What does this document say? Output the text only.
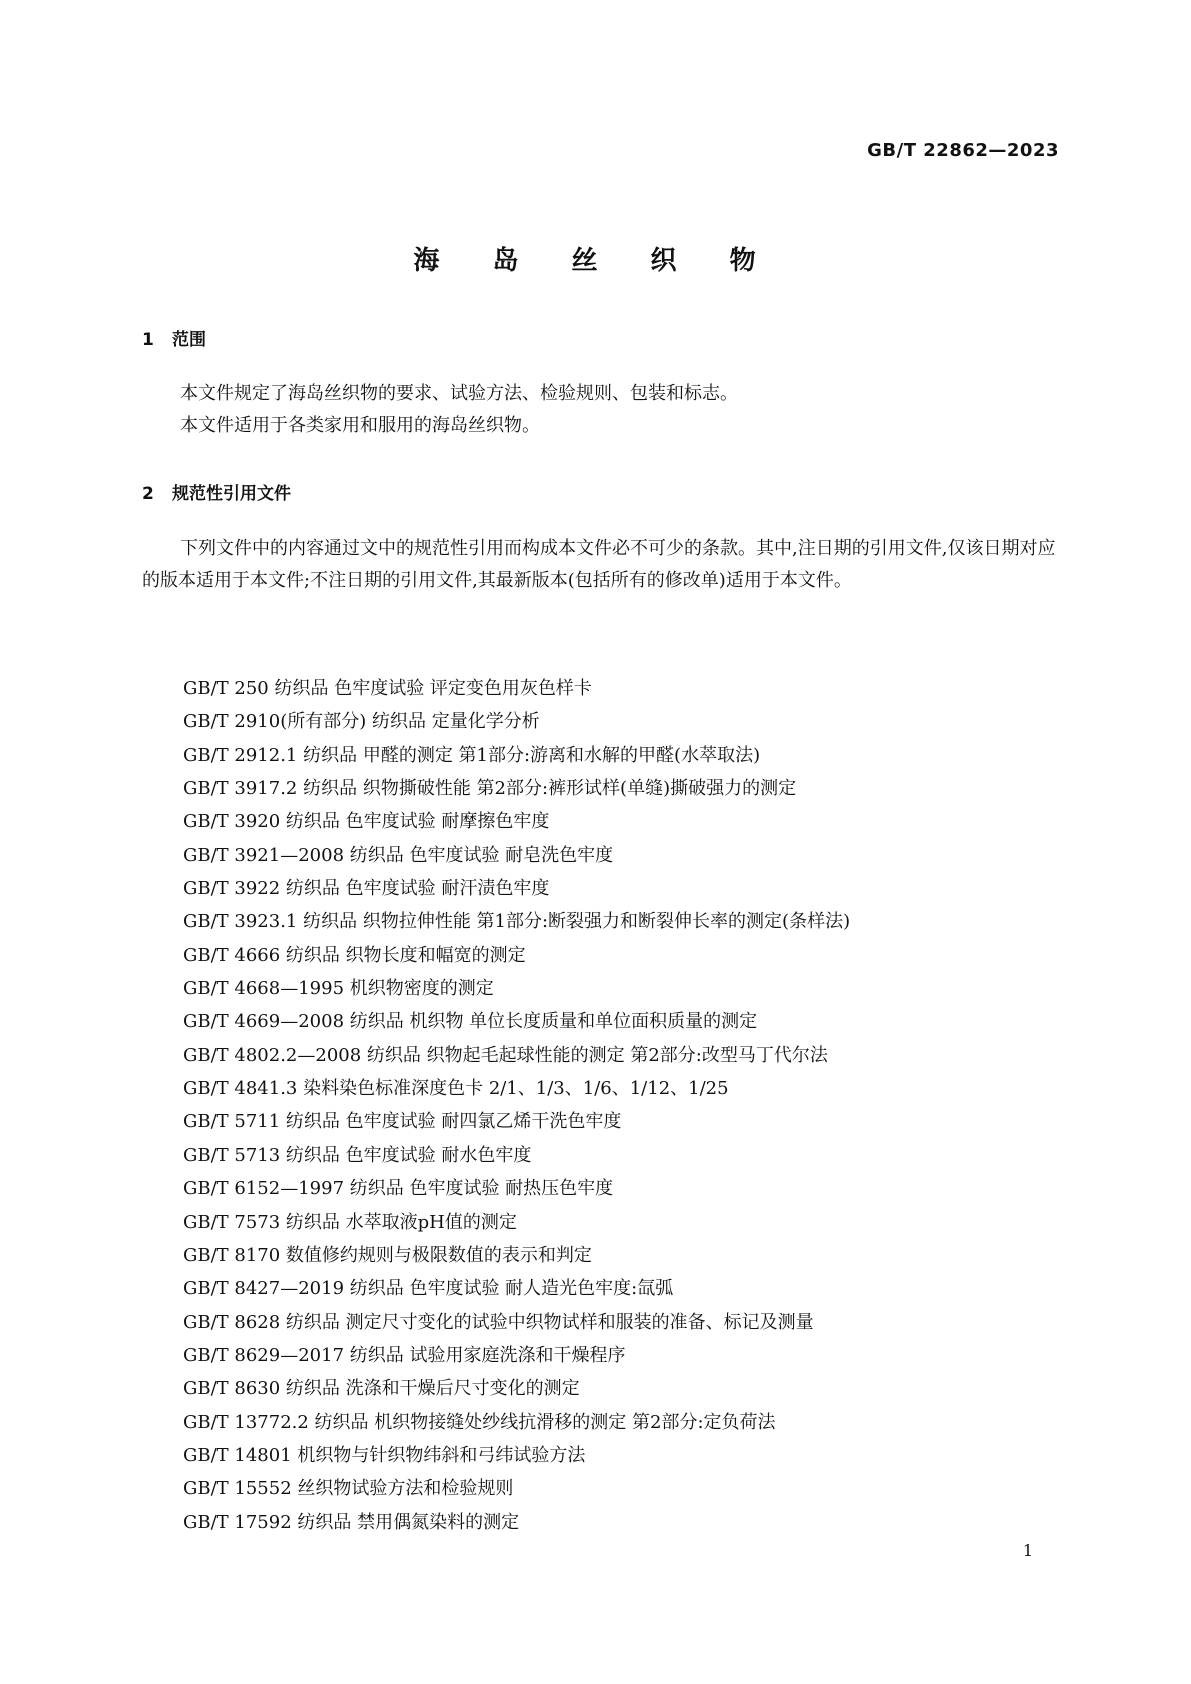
GB/T 22862—2023
海 岛 丝 织 物
1 范围
本文件规定了海岛丝织物的要求、试验方法、检验规则、包装和标志。
本文件适用于各类家用和服用的海岛丝织物。
2 规范性引用文件
下列文件中的内容通过文中的规范性引用而构成本文件必不可少的条款。其中,注日期的引用文件,仅该日期对应的版本适用于本文件;不注日期的引用文件,其最新版本(包括所有的修改单)适用于本文件。
GB/T 250 纺织品 色牢度试验 评定变色用灰色样卡
GB/T 2910(所有部分) 纺织品 定量化学分析
GB/T 2912.1 纺织品 甲醛的测定 第1部分:游离和水解的甲醛(水萃取法)
GB/T 3917.2 纺织品 织物撕破性能 第2部分:裤形试样(单缝)撕破强力的测定
GB/T 3920 纺织品 色牢度试验 耐摩擦色牢度
GB/T 3921—2008 纺织品 色牢度试验 耐皂洗色牢度
GB/T 3922 纺织品 色牢度试验 耐汗渍色牢度
GB/T 3923.1 纺织品 织物拉伸性能 第1部分:断裂强力和断裂伸长率的测定(条样法)
GB/T 4666 纺织品 织物长度和幅宽的测定
GB/T 4668—1995 机织物密度的测定
GB/T 4669—2008 纺织品 机织物 单位长度质量和单位面积质量的测定
GB/T 4802.2—2008 纺织品 织物起毛起球性能的测定 第2部分:改型马丁代尔法
GB/T 4841.3 染料染色标准深度色卡 2/1、1/3、1/6、1/12、1/25
GB/T 5711 纺织品 色牢度试验 耐四氯乙烯干洗色牢度
GB/T 5713 纺织品 色牢度试验 耐水色牢度
GB/T 6152—1997 纺织品 色牢度试验 耐热压色牢度
GB/T 7573 纺织品 水萃取液pH值的测定
GB/T 8170 数值修约规则与极限数值的表示和判定
GB/T 8427—2019 纺织品 色牢度试验 耐人造光色牢度:氙弧
GB/T 8628 纺织品 测定尺寸变化的试验中织物试样和服装的准备、标记及测量
GB/T 8629—2017 纺织品 试验用家庭洗涤和干燥程序
GB/T 8630 纺织品 洗涤和干燥后尺寸变化的测定
GB/T 13772.2 纺织品 机织物接缝处纱线抗滑移的测定 第2部分:定负荷法
GB/T 14801 机织物与针织物纬斜和弓纬试验方法
GB/T 15552 丝织物试验方法和检验规则
GB/T 17592 纺织品 禁用偶氮染料的测定
1
